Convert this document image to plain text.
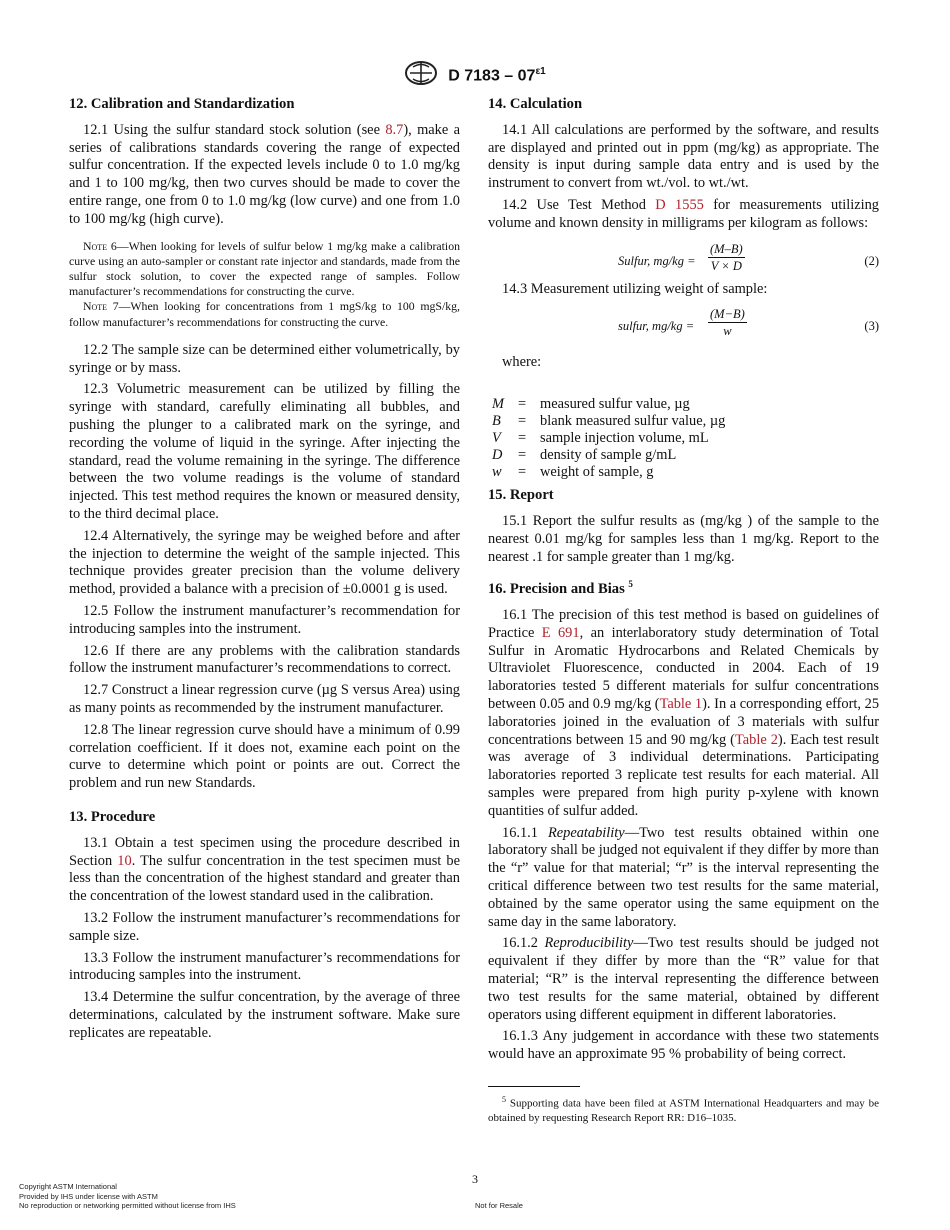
D $7183 - 07^{\varepsilon 1}$
12. Calibration and Standardization
12.1 Using the sulfur standard stock solution (see 8.7), make a series of calibrations standards covering the range of expected sulfur concentration. If the expected levels include 0 to 1.0 mg/kg and 1 to 100 mg/kg, then two curves should be made to cover the entire range, one from 0 to 1.0 mg/kg (low curve) and one from 1.0 to 100 mg/kg (high curve).
Note 6—When looking for levels of sulfur below 1 mg/kg make a calibration curve using an auto-sampler or constant rate injector and standards, made from the sulfur stock solution, to cover the expected range of samples. Follow manufacturer’s recommendations for constructing the curve.
Note 7—When looking for concentrations from 1 mgS/kg to 100 mgS/kg, follow manufacturer’s recommendations for constructing the curve.
12.2 The sample size can be determined either volumetrically, by syringe or by mass.
12.3 Volumetric measurement can be utilized by filling the syringe with standard, carefully eliminating all bubbles, and pushing the plunger to a calibrated mark on the syringe, and recording the volume of liquid in the syringe. After injecting the standard, read the volume remaining in the syringe. The difference between the two volume readings is the volume of standard injected. This test method requires the known or measured density, to the third decimal place.
12.4 Alternatively, the syringe may be weighed before and after the injection to determine the weight of the sample injected. This technique provides greater precision than the volume delivery method, provided a balance with a precision of ±0.0001 g is used.
12.5 Follow the instrument manufacturer’s recommendation for introducing samples into the instrument.
12.6 If there are any problems with the calibration standards follow the instrument manufacturer’s recommendations to correct.
12.7 Construct a linear regression curve (µg S versus Area) using as many points as recommended by the instrument manufacturer.
12.8 The linear regression curve should have a minimum of 0.99 correlation coefficient. If it does not, examine each point on the curve to determine which point or points are out. Correct the problem and run new Standards.
13. Procedure
13.1 Obtain a test specimen using the procedure described in Section 10. The sulfur concentration in the test specimen must be less than the concentration of the highest standard and greater than the concentration of the lowest standard used in the calibration.
13.2 Follow the instrument manufacturer’s recommendations for sample size.
13.3 Follow the instrument manufacturer’s recommendations for introducing samples into the instrument.
13.4 Determine the sulfur concentration, by the average of three determinations, calculated by the instrument software. Make sure replicates are repeatable.
14. Calculation
14.1 All calculations are performed by the software, and results are displayed and printed out in ppm (mg/kg) as appropriate. The density is input during sample data entry and is used by the instrument to convert from wt./vol. to wt./wt.
14.2 Use Test Method D 1555 for measurements utilizing volume and known density in milligrams per kilogram as follows:
Sulfur, $mg/kg = \frac{(M-B)}{V \times D}$	(2)
14.3 Measurement utilizing weight of sample:
sulfur, $mg/kg = \frac{(M-B)}{w}$	(3)
where:
M = measured sulfur value, µg
B	= blank measured sulfur value, µg
V	= sample injection volume, mL
D	= density of sample g/mL
w	= weight of sample, g
15. Report
15.1 Report the sulfur results as (mg/kg ) of the sample to the nearest 0.01 mg/kg for samples less than 1 mg/kg. Report to the nearest .1 for sample greater than 1 mg/kg.
16. Precision and Bias $^5$
16.1 The precision of this test method is based on guidelines of Practice E 691, an interlaboratory study determination of Total Sulfur in Aromatic Hydrocarbons and Related Chemicals by Ultraviolet Fluorescence, conducted in 2004. Each of 19 laboratories tested 5 different materials for sulfur concentrations between 0.05 and 0.9 mg/kg (Table 1). In a corresponding effort, 25 laboratories joined in the evaluation of 3 materials with sulfur concentrations between 15 and 90 mg/kg (Table 2). Each test result was average of 3 individual determinations. Participating laboratories reported 3 replicate test results for each material. All samples were prepared from high purity p-xylene with known quantities of sulfur added.
16.1.1 Repeatability—Two test results obtained within one laboratory shall be judged not equivalent if they differ by more than the “r” value for that material; “r” is the interval representing the critical difference between two test results for the same material, obtained by the same operator using the same equipment on the same day in the same laboratory.
16.1.2 Reproducibility—Two test results should be judged not equivalent if they differ by more than the “R” value for that material; “R” is the interval representing the difference between two test results for the same material, obtained by different operators using different equipment in different laboratories.
16.1.3 Any judgement in accordance with these two statements would have an approximate 95 % probability of being correct.
$^5$ Supporting data have been filed at ASTM International Headquarters and may be obtained by requesting Research Report RR: D16–1035.
3
Copyright ASTM International
Provided by IHS under license with ASTM
No reproduction or networking permitted without license from IHS	Not for Resale
